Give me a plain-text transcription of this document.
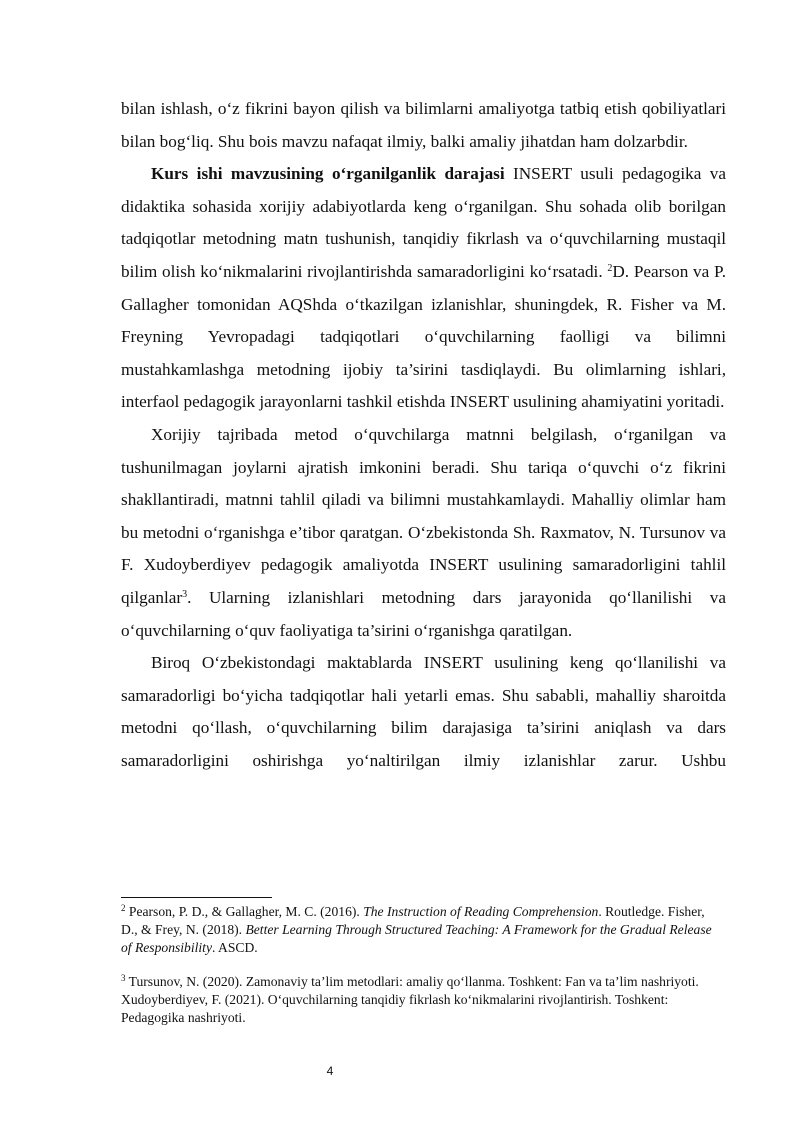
bilan ishlash, o‘z fikrini bayon qilish va bilimlarni amaliyotga tatbiq etish qobiliyatlari bilan bog‘liq. Shu bois mavzu nafaqat ilmiy, balki amaliy jihatdan ham dolzarbdir.

Kurs ishi mavzusining o‘rganilganlik darajasi INSERT usuli pedagogika va didaktika sohasida xorijiy adabiyotlarda keng o‘rganilgan. Shu sohada olib borilgan tadqiqotlar metodning matn tushunish, tanqidiy fikrlash va o‘quvchilarning mustaqil bilim olish ko‘nikmalarini rivojlantirishda samaradorligini ko‘rsatadi. $^2$D. Pearson va P. Gallagher tomonidan AQShda o‘tkazilgan izlanishlar, shuningdek, R. Fisher va M. Freyning Yevropadagi tadqiqotlari o‘quvchilarning faolligi va bilimni mustahkamlashga metodning ijobiy ta’sirini tasdiqlaydi. Bu olimlarning ishlari, interfaol pedagogik jarayonlarni tashkil etishda INSERT usulining ahamiyatini yoritadi.

Xorijiy tajribada metod o‘quvchilarga matnni belgilash, o‘rganilgan va tushunilmagan joylarni ajratish imkonini beradi. Shu tariqa o‘quvchi o‘z fikrini shakllantiradi, matnni tahlil qiladi va bilimni mustahkamlaydi. Mahalliy olimlar ham bu metodni o‘rganishga e’tibor qaratgan. O‘zbekistonda Sh. Raxmatov, N. Tursunov va F. Xudoyberdiyev pedagogik amaliyotda INSERT usulining samaradorligini tahlil qilganlar$^3$. Ularning izlanishlari metodning dars jarayonida qo‘llanilishi va o‘quvchilarning o‘quv faoliyatiga ta’sirini o‘rganishga qaratilgan.

Biroq O‘zbekistondagi maktablarda INSERT usulining keng qo‘llanilishi va samaradorligi bo‘yicha tadqiqotlar hali yetarli emas. Shu sababli, mahalliy sharoitda metodni qo‘llash, o‘quvchilarning bilim darajasiga ta’sirini aniqlash va dars samaradorligini oshirishga yo‘naltirilgan ilmiy izlanishlar zarur. Ushbu

$^2$ Pearson, P. D., & Gallagher, M. C. (2016). The Instruction of Reading Comprehension. Routledge. Fisher, D., & Frey, N. (2018). Better Learning Through Structured Teaching: A Framework for the Gradual Release of Responsibility. ASCD.

$^3$ Tursunov, N. (2020). Zamonaviy ta’lim metodlari: amaliy qo‘llanma. Toshkent: Fan va ta’lim nashriyoti. Xudoyberdiyev, F. (2021). O‘quvchilarning tanqidiy fikrlash ko‘nikmalarini rivojlantirish. Toshkent: Pedagogika nashriyoti.

4
